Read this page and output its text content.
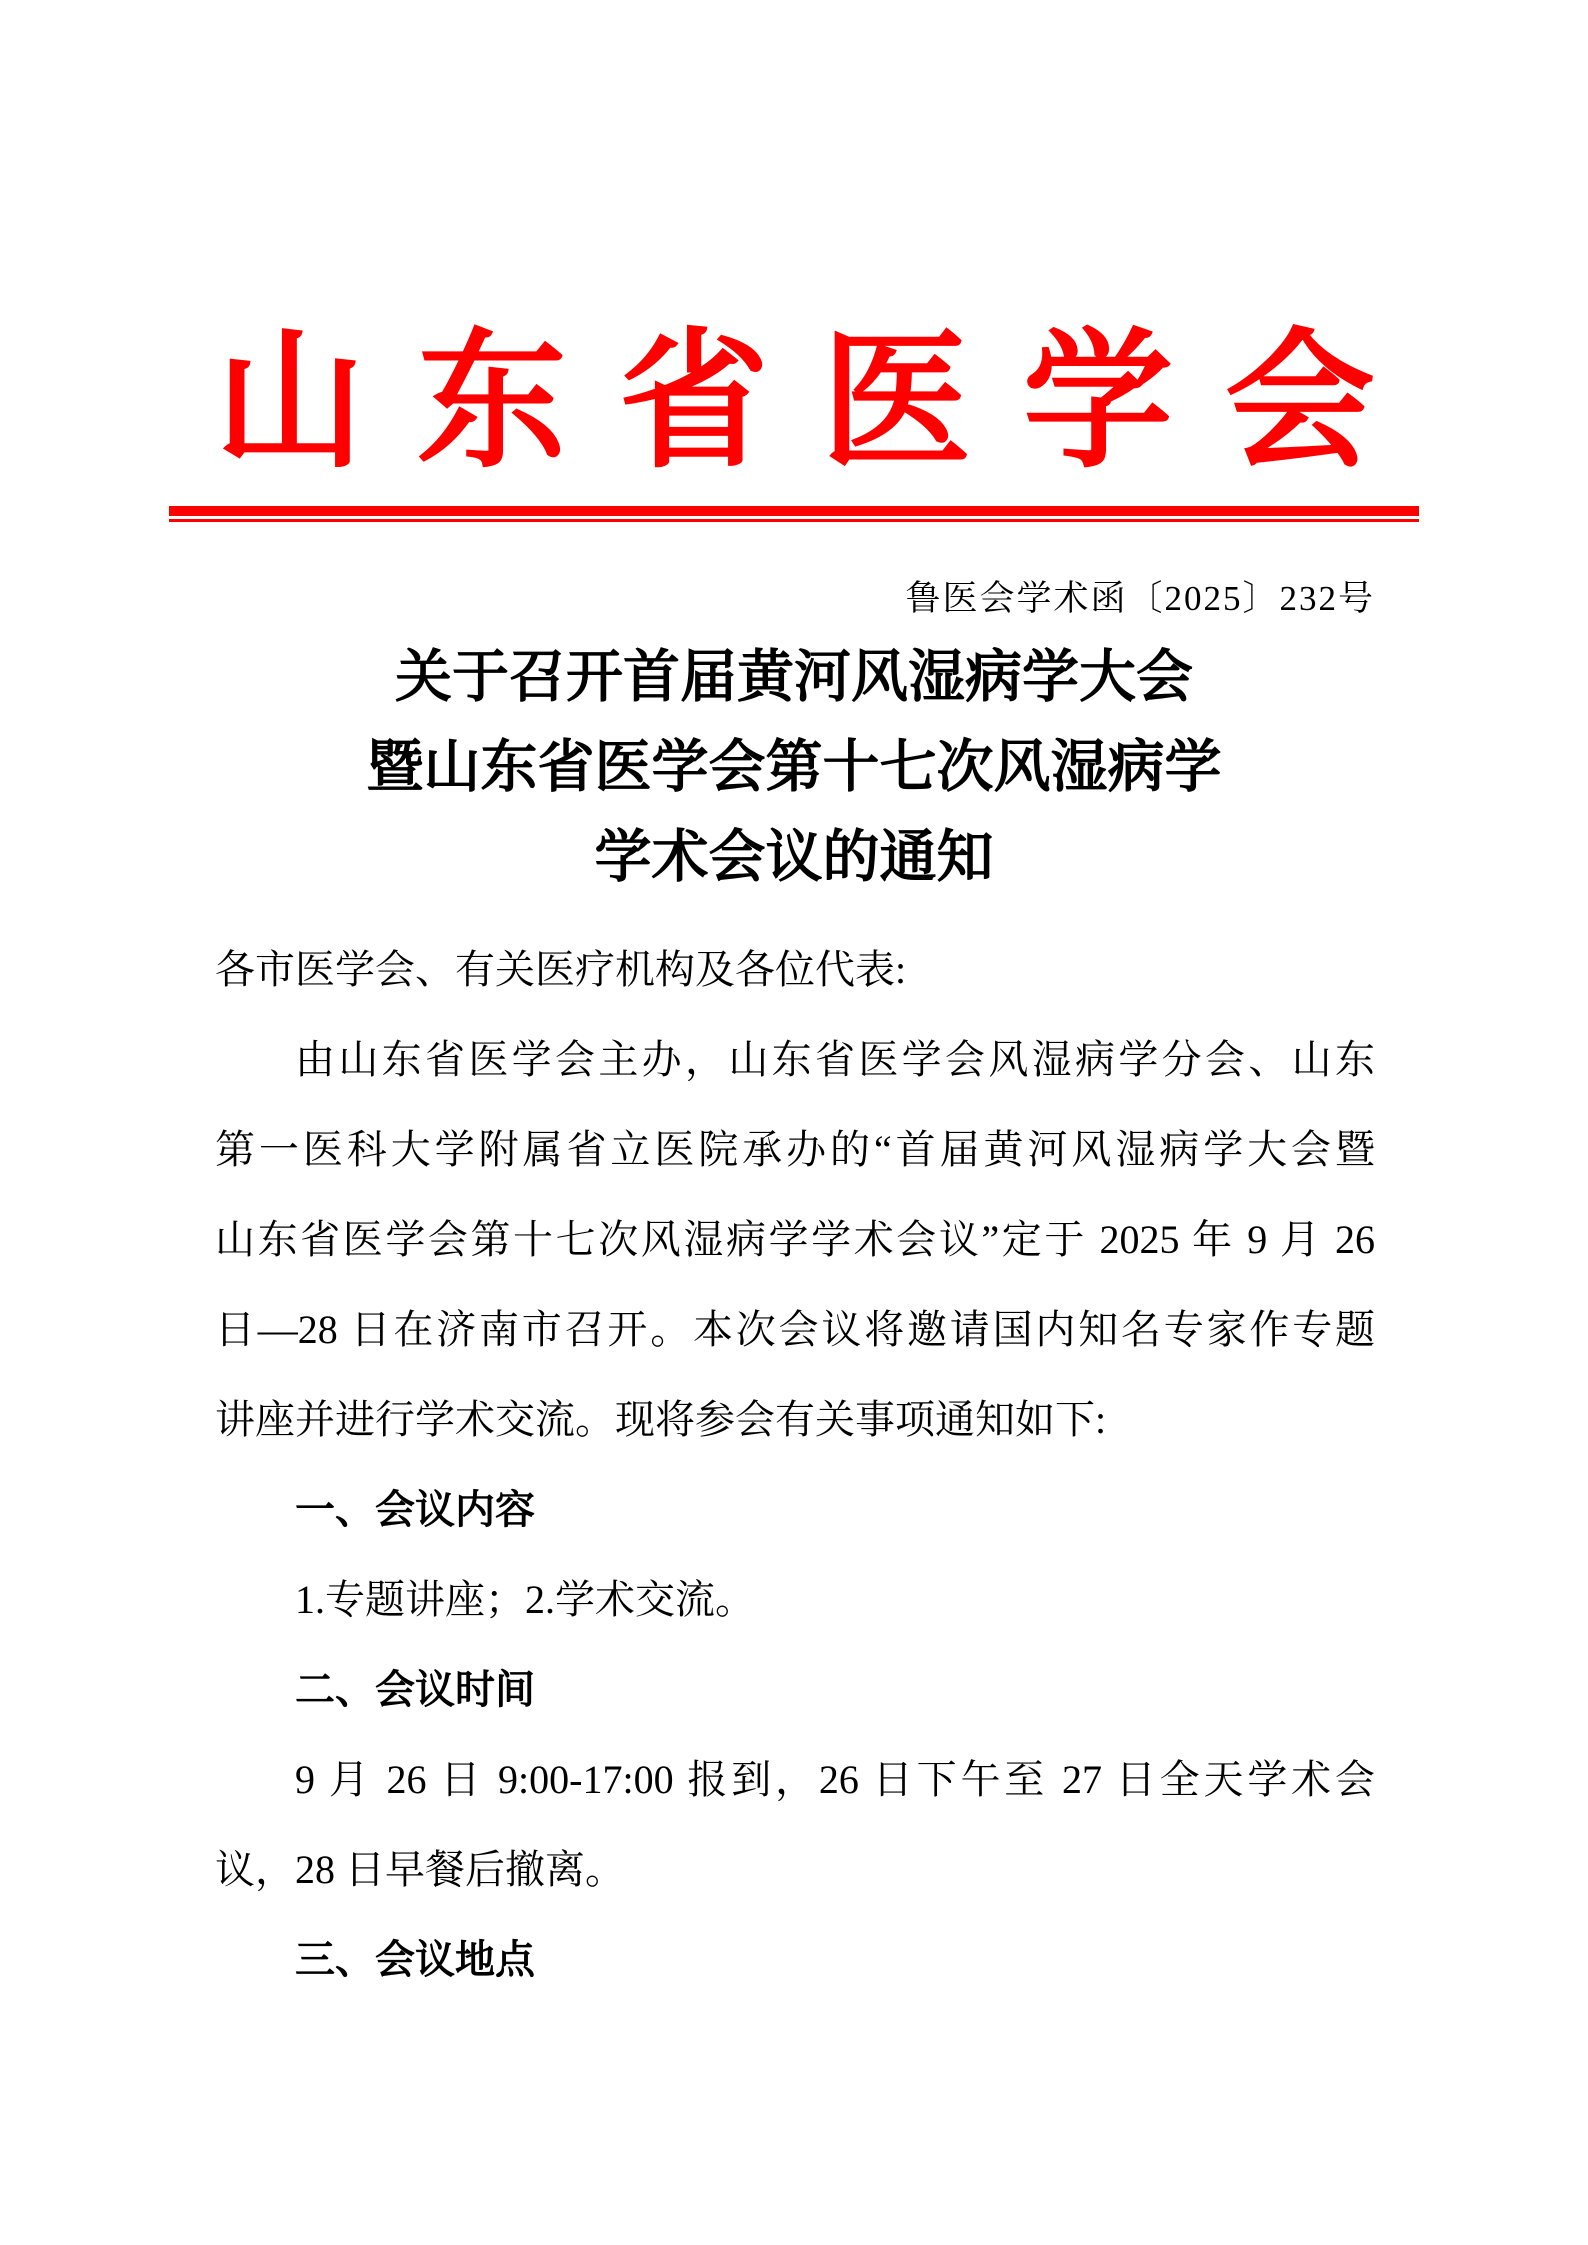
山 东 省 医 学 会
鲁医会学术函〔2025〕232号
关于召开首届黄河风湿病学大会
暨山东省医学会第十七次风湿病学
学术会议的通知
各市医学会、有关医疗机构及各位代表:
由山东省医学会主办，山东省医学会风湿病学分会、山东
第一医科大学附属省立医院承办的“首届黄河风湿病学大会暨
山东省医学会第十七次风湿病学学术会议”定于 2025 年 9 月 26
日—28 日在济南市召开。本次会议将邀请国内知名专家作专题
讲座并进行学术交流。现将参会有关事项通知如下:
一、会议内容
1.专题讲座；2.学术交流。
二、会议时间
9 月 26 日 9:00-17:00 报到，26 日下午至 27 日全天学术会
议，28 日早餐后撤离。
三、会议地点
